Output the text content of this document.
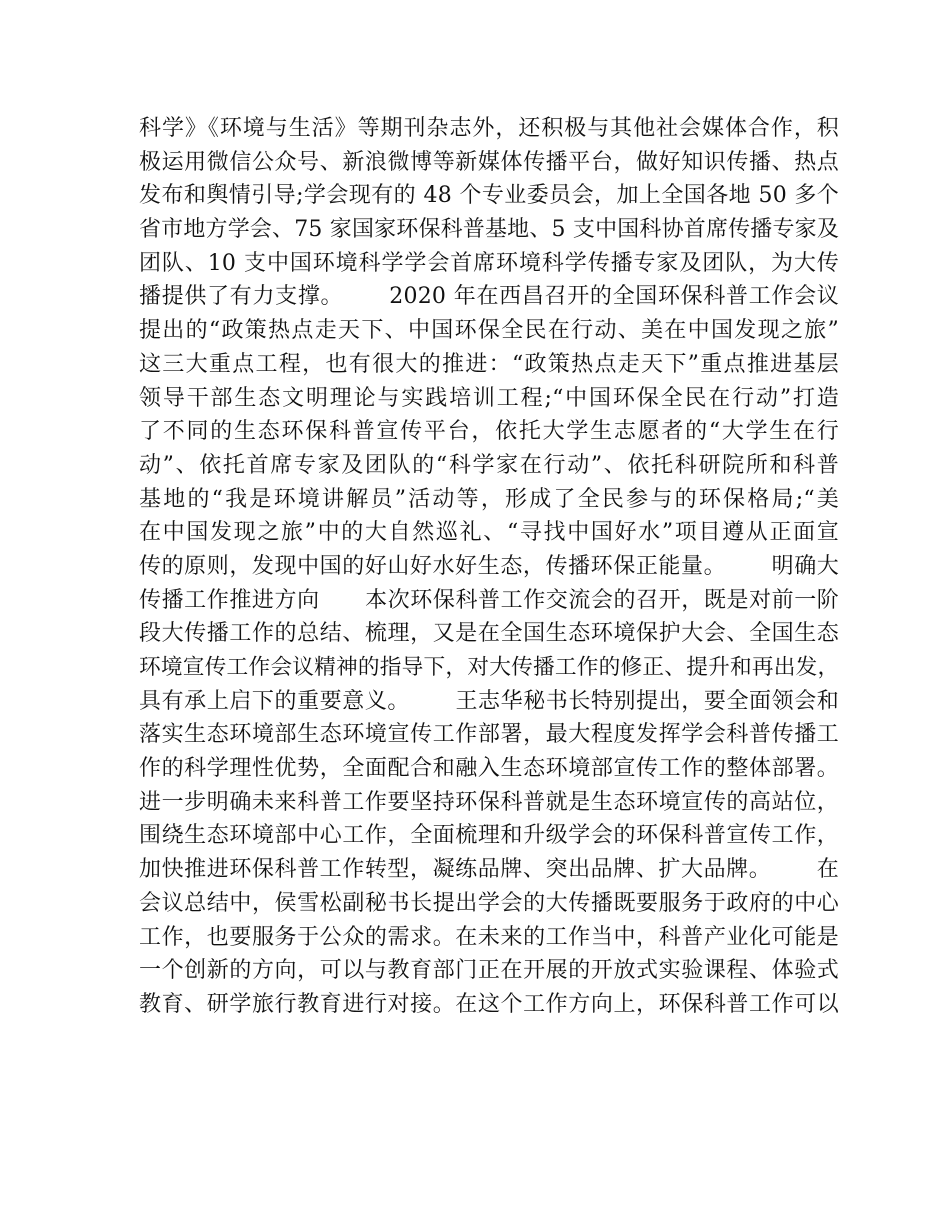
科学》《环境与生活》等期刊杂志外，还积极与其他社会媒体合作，积
极运用微信公众号、新浪微博等新媒体传播平台，做好知识传播、热点
发布和舆情引导;学会现有的 48 个专业委员会，加上全国各地 50 多个
省市地方学会、75 家国家环保科普基地、5 支中国科协首席传播专家及
团队、10 支中国环境科学学会首席环境科学传播专家及团队，为大传
播提供了有力支撑。      2020 年在西昌召开的全国环保科普工作会议
提出的“政策热点走天下、中国环保全民在行动、美在中国发现之旅”
这三大重点工程，也有很大的推进：“政策热点走天下”重点推进基层
领导干部生态文明理论与实践培训工程;“中国环保全民在行动”打造
了不同的生态环保科普宣传平台，依托大学生志愿者的“大学生在行
动”、依托首席专家及团队的“科学家在行动”、依托科研院所和科普
基地的“我是环境讲解员”活动等，形成了全民参与的环保格局;“美
在中国发现之旅”中的大自然巡礼、“寻找中国好水”项目遵从正面宣
传的原则，发现中国的好山好水好生态，传播环保正能量。      明确大
传播工作推进方向      本次环保科普工作交流会的召开，既是对前一阶
段大传播工作的总结、梳理，又是在全国生态环境保护大会、全国生态
环境宣传工作会议精神的指导下，对大传播工作的修正、提升和再出发，
具有承上启下的重要意义。      王志华秘书长特别提出，要全面领会和
落实生态环境部生态环境宣传工作部署，最大程度发挥学会科普传播工
作的科学理性优势，全面配合和融入生态环境部宣传工作的整体部署。
进一步明确未来科普工作要坚持环保科普就是生态环境宣传的高站位，
围绕生态环境部中心工作，全面梳理和升级学会的环保科普宣传工作，
加快推进环保科普工作转型，凝练品牌、突出品牌、扩大品牌。      在
会议总结中，侯雪松副秘书长提出学会的大传播既要服务于政府的中心
工作，也要服务于公众的需求。在未来的工作当中，科普产业化可能是
一个创新的方向，可以与教育部门正在开展的开放式实验课程、体验式
教育、研学旅行教育进行对接。在这个工作方向上，环保科普工作可以
